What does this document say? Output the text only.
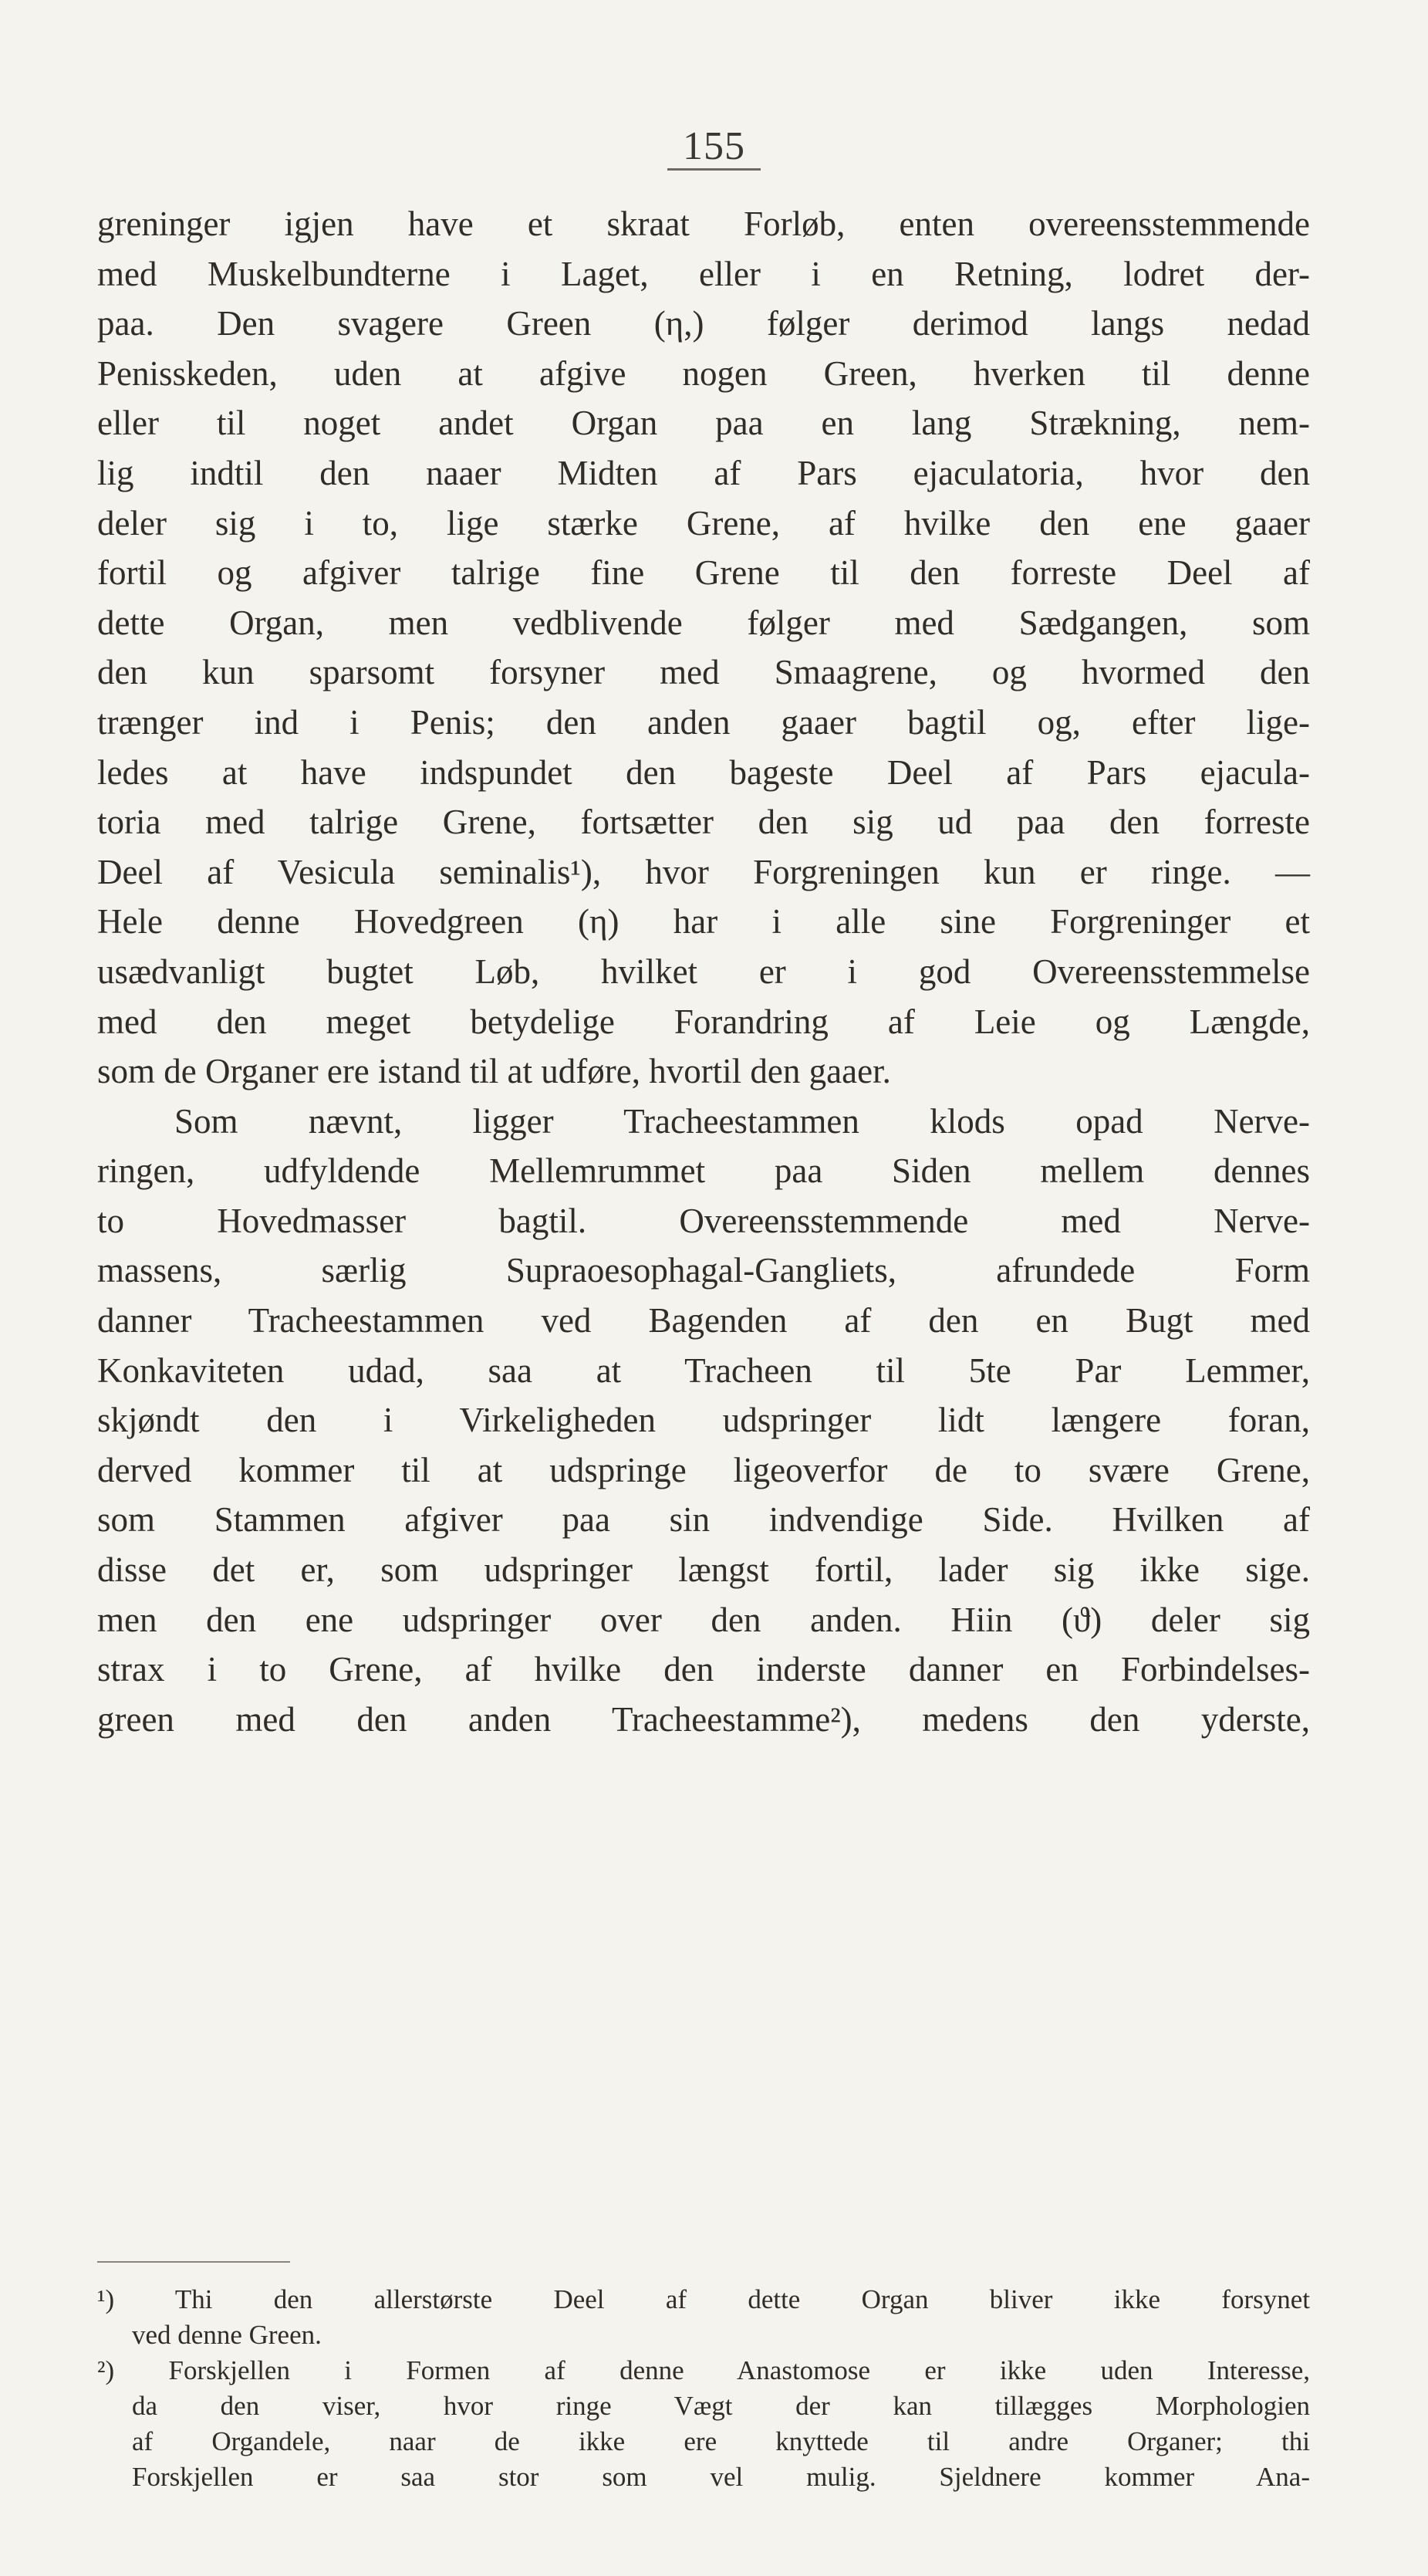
155
greninger igjen have et skraat Forløb, enten overeensstemmende
med Muskelbundterne i Laget, eller i en Retning, lodret der-
paa. Den svagere Green (η,) følger derimod langs nedad
Penisskeden, uden at afgive nogen Green, hverken til denne
eller til noget andet Organ paa en lang Strækning, nem-
lig indtil den naaer Midten af Pars ejaculatoria, hvor den
deler sig i to, lige stærke Grene, af hvilke den ene gaaer
fortil og afgiver talrige fine Grene til den forreste Deel af
dette Organ, men vedblivende følger med Sædgangen, som
den kun sparsomt forsyner med Smaagrene, og hvormed den
trænger ind i Penis; den anden gaaer bagtil og, efter lige-
ledes at have indspundet den bageste Deel af Pars ejacula-
toria med talrige Grene, fortsætter den sig ud paa den forreste
Deel af Vesicula seminalis¹), hvor Forgreningen kun er ringe. —
Hele denne Hovedgreen (η) har i alle sine Forgreninger et
usædvanligt bugtet Løb, hvilket er i god Overeensstemmelse
med den meget betydelige Forandring af Leie og Længde,
som de Organer ere istand til at udføre, hvortil den gaaer.
Som nævnt, ligger Tracheestammen klods opad Nerve-
ringen, udfyldende Mellemrummet paa Siden mellem dennes
to Hovedmasser bagtil. Overeensstemmende med Nerve-
massens, særlig Supraoesophagal-Gangliets, afrundede Form
danner Tracheestammen ved Bagenden af den en Bugt med
Konkaviteten udad, saa at Tracheen til 5te Par Lemmer,
skjøndt den i Virkeligheden udspringer lidt længere foran,
derved kommer til at udspringe ligeoverfor de to svære Grene,
som Stammen afgiver paa sin indvendige Side. Hvilken af
disse det er, som udspringer længst fortil, lader sig ikke sige.
men den ene udspringer over den anden. Hiin (ϑ) deler sig
strax i to Grene, af hvilke den inderste danner en Forbindelses-
green med den anden Tracheestamme²), medens den yderste,
¹) Thi den allerstørste Deel af dette Organ bliver ikke forsynet
ved denne Green.
²) Forskjellen i Formen af denne Anastomose er ikke uden Interesse,
da den viser, hvor ringe Vægt der kan tillægges Morphologien
af Organdele, naar de ikke ere knyttede til andre Organer; thi
Forskjellen er saa stor som vel mulig. Sjeldnere kommer Ana-
